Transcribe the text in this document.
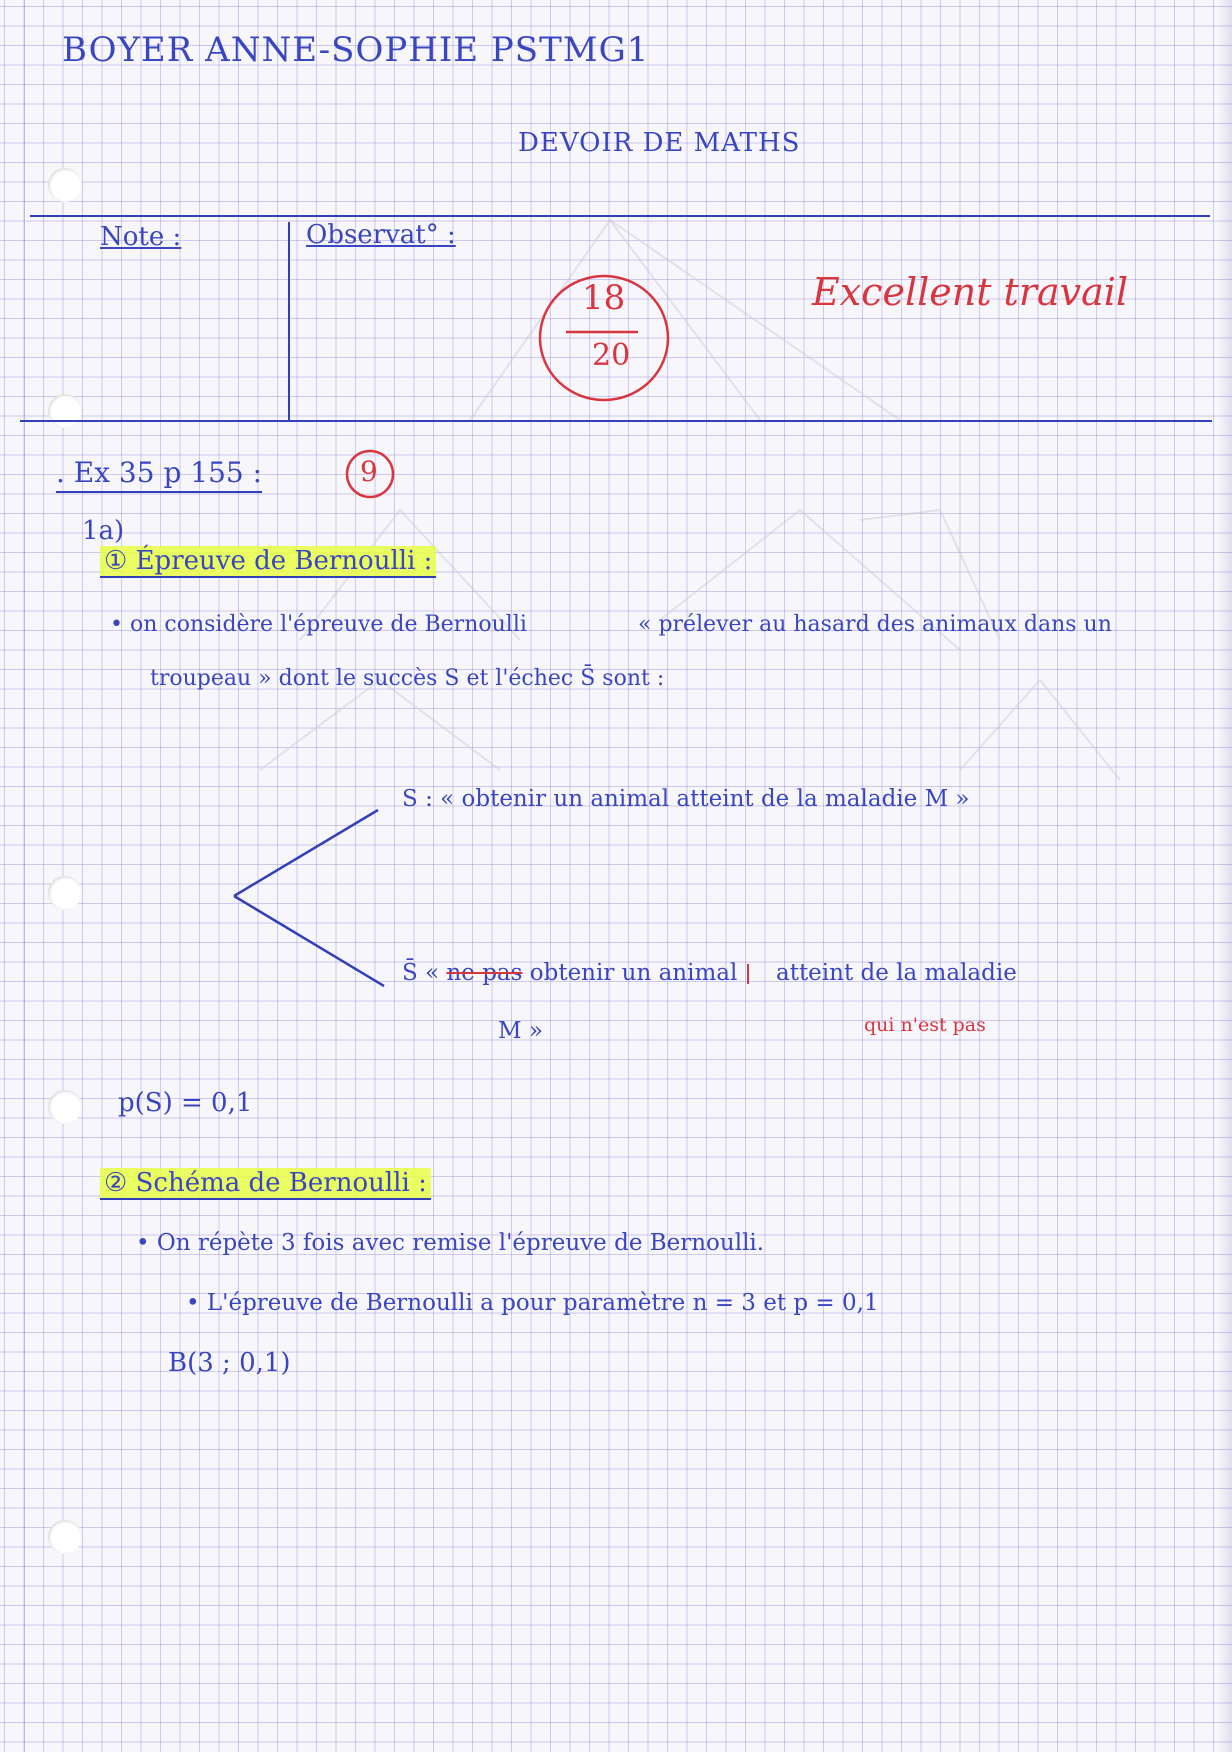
BOYER ANNE-SOPHIE PSTMG1
DEVOIR DE MATHS
Note :	Observat° :
18
20
Excellent travail
. Ex 35 p 155 :	9
1a)
① Épreuve de Bernoulli :
• on considère l'épreuve de Bernoulli	« prélever au hasard des animaux dans un
troupeau » dont le succès S et l'échec S̄ sont :
S : « obtenir un animal atteint de la maladie M »
S̄ « ne pas obtenir un animal atteint de la maladie
M »	qui n'est pas
p(S) = 0,1
② Schéma de Bernoulli :
• On répète 3 fois avec remise l'épreuve de Bernoulli.
• L'épreuve de Bernoulli a pour paramètre n = 3 et p = 0,1
B(3 ; 0,1)
